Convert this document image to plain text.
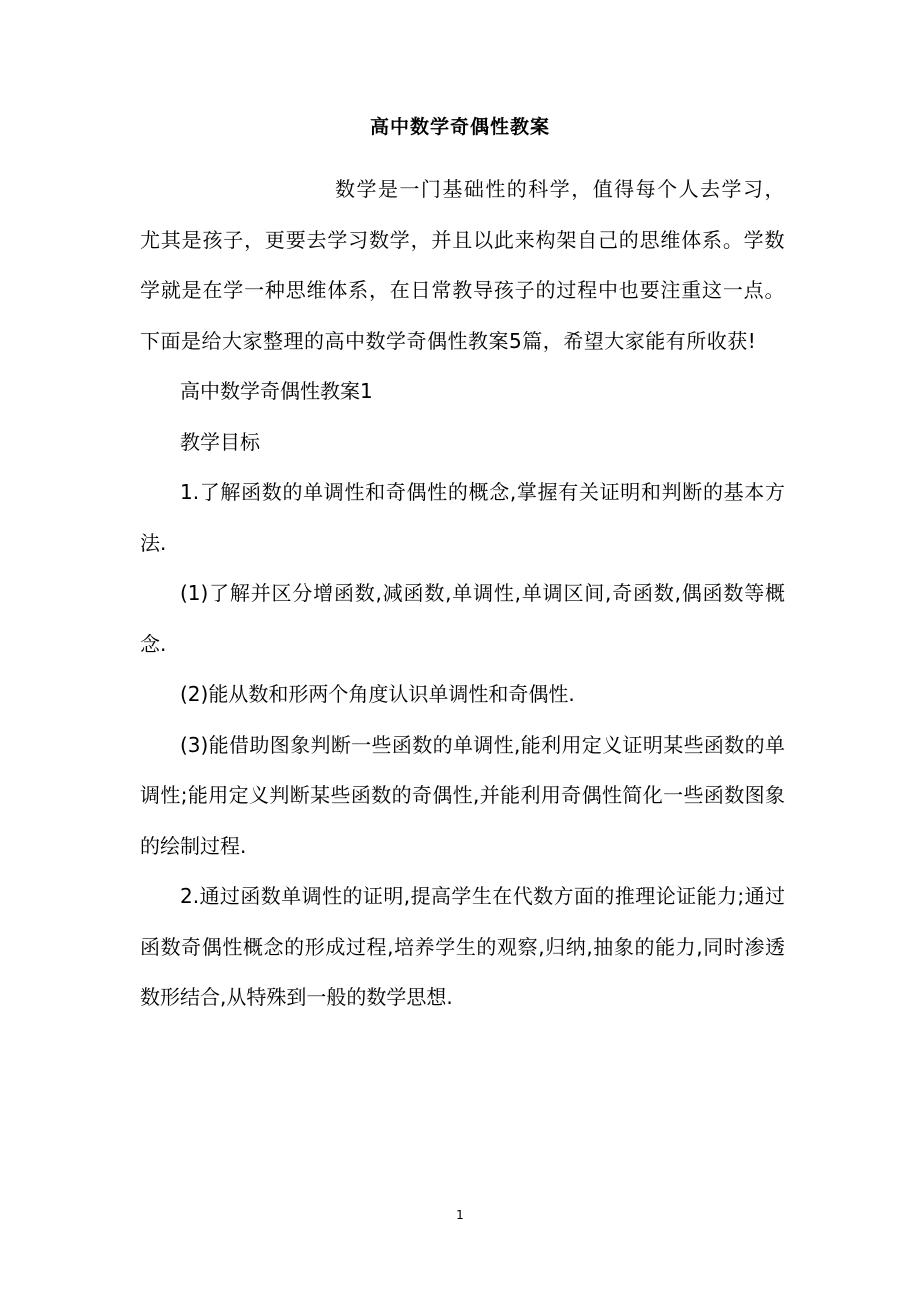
高中数学奇偶性教案

数学是一门基础性的科学，值得每个人去学习，尤其是孩子，更要去学习数学，并且以此来构架自己的思维体系。学数学就是在学一种思维体系，在日常教导孩子的过程中也要注重这一点。下面是给大家整理的高中数学奇偶性教案5篇，希望大家能有所收获!

高中数学奇偶性教案1

教学目标

1.了解函数的单调性和奇偶性的概念,掌握有关证明和判断的基本方法.

(1)了解并区分增函数,减函数,单调性,单调区间,奇函数,偶函数等概念.

(2)能从数和形两个角度认识单调性和奇偶性.

(3)能借助图象判断一些函数的单调性,能利用定义证明某些函数的单调性;能用定义判断某些函数的奇偶性,并能利用奇偶性简化一些函数图象的绘制过程.

2.通过函数单调性的证明,提高学生在代数方面的推理论证能力;通过函数奇偶性概念的形成过程,培养学生的观察,归纳,抽象的能力,同时渗透数形结合,从特殊到一般的数学思想.

1
